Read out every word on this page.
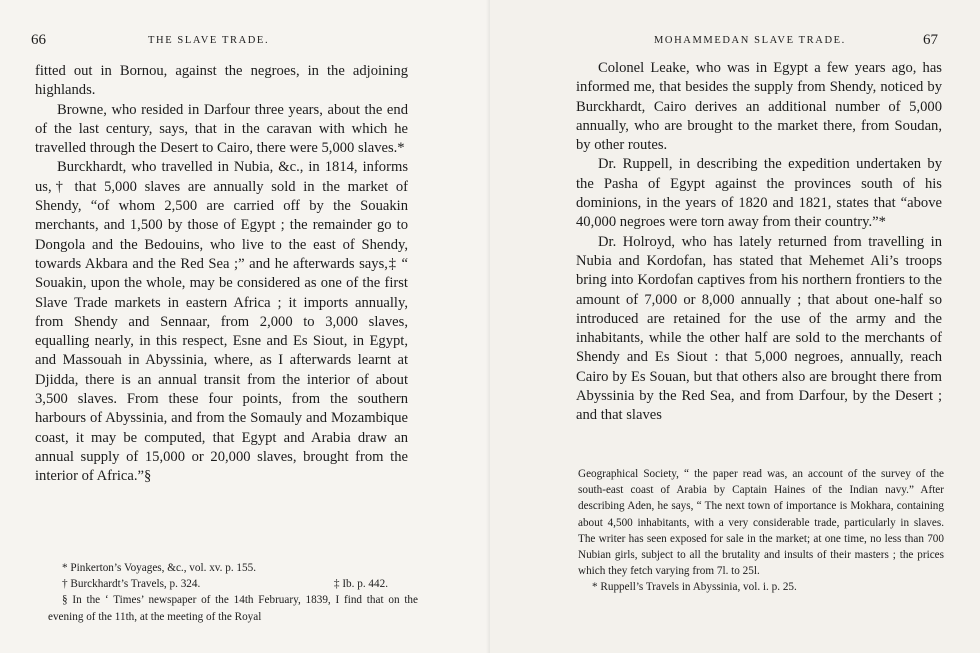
66	THE SLAVE TRADE.

fitted out in Bornou, against the negroes, in the adjoining highlands.

Browne, who resided in Darfour three years, about the end of the last century, says, that in the caravan with which he travelled through the Desert to Cairo, there were 5,000 slaves.*

Burckhardt, who travelled in Nubia, &c., in 1814, informs us,† that 5,000 slaves are annually sold in the market of Shendy, “of whom 2,500 are carried off by the Souakin merchants, and 1,500 by those of Egypt ; the remainder go to Dongola and the Bedouins, who live to the east of Shendy, towards Akbara and the Red Sea ;” and he afterwards says,‡ “ Souakin, upon the whole, may be considered as one of the first Slave Trade markets in eastern Africa ; it imports annually, from Shendy and Sennaar, from 2,000 to 3,000 slaves, equalling nearly, in this respect, Esne and Es Siout, in Egypt, and Massouah in Abyssinia, where, as I afterwards learnt at Djidda, there is an annual transit from the interior of about 3,500 slaves. From these four points, from the southern harbours of Abyssinia, and from the Somauly and Mozambique coast, it may be computed, that Egypt and Arabia draw an annual supply of 15,000 or 20,000 slaves, brought from the interior of Africa.”§

* Pinkerton’s Voyages, &c., vol. xv. p. 155.

† Burckhardt’s Travels, p. 324.	‡ Ib. p. 442.

§ In the ‘ Times’ newspaper of the 14th February, 1839, I find that on the evening of the 11th, at the meeting of the Royal

MOHAMMEDAN SLAVE TRADE.	67

Colonel Leake, who was in Egypt a few years ago, has informed me, that besides the supply from Shendy, noticed by Burckhardt, Cairo derives an additional number of 5,000 annually, who are brought to the market there, from Soudan, by other routes.

Dr. Ruppell, in describing the expedition undertaken by the Pasha of Egypt against the provinces south of his dominions, in the years of 1820 and 1821, states that “above 40,000 negroes were torn away from their country.”*

Dr. Holroyd, who has lately returned from travelling in Nubia and Kordofan, has stated that Mehemet Ali’s troops bring into Kordofan captives from his northern frontiers to the amount of 7,000 or 8,000 annually ; that about one-half so introduced are retained for the use of the army and the inhabitants, while the other half are sold to the merchants of Shendy and Es Siout : that 5,000 negroes, annually, reach Cairo by Es Souan, but that others also are brought there from Abyssinia by the Red Sea, and from Darfour, by the Desert ; and that slaves

Geographical Society, “ the paper read was, an account of the survey of the south-east coast of Arabia by Captain Haines of the Indian navy.” After describing Aden, he says, “ The next town of importance is Mokhara, containing about 4,500 inhabitants, with a very considerable trade, particularly in slaves. The writer has seen exposed for sale in the market; at one time, no less than 700 Nubian girls, subject to all the brutality and insults of their masters ; the prices which they fetch varying from 7l. to 25l.

* Ruppell’s Travels in Abyssinia, vol. i. p. 25.
